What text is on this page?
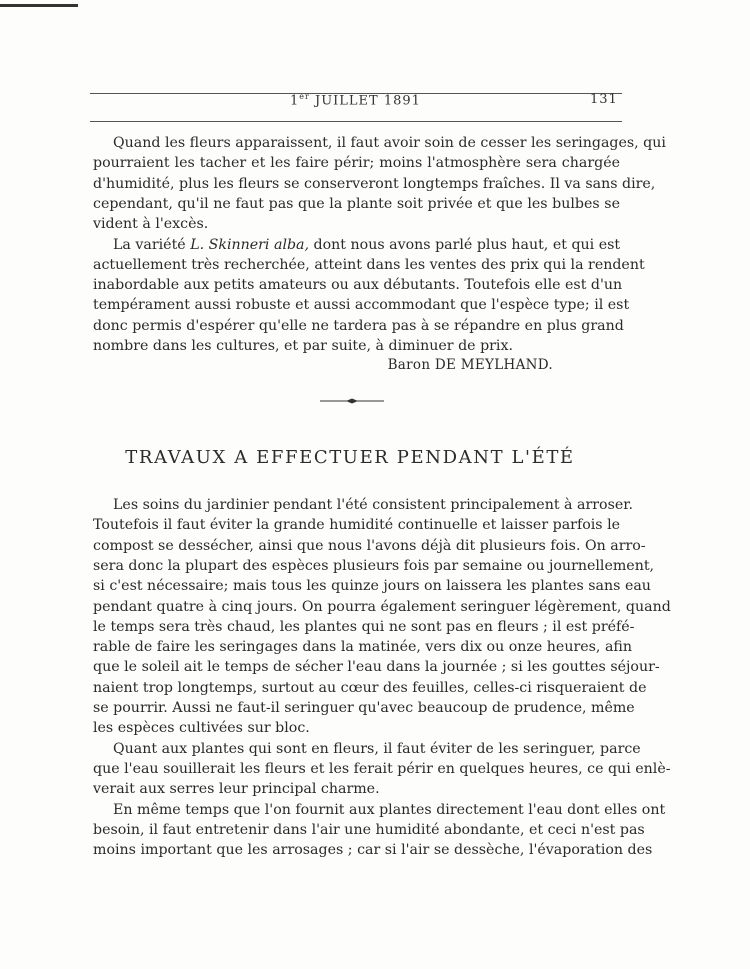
1er JUILLET 1891	131
Quand les fleurs apparaissent, il faut avoir soin de cesser les seringages, qui
pourraient les tacher et les faire périr; moins l'atmosphère sera chargée
d'humidité, plus les fleurs se conserveront longtemps fraîches. Il va sans dire,
cependant, qu'il ne faut pas que la plante soit privée et que les bulbes se
vident à l'excès.
La variété L. Skinneri alba, dont nous avons parlé plus haut, et qui est
actuellement très recherchée, atteint dans les ventes des prix qui la rendent
inabordable aux petits amateurs ou aux débutants. Toutefois elle est d'un
tempérament aussi robuste et aussi accommodant que l'espèce type; il est
donc permis d'espérer qu'elle ne tardera pas à se répandre en plus grand
nombre dans les cultures, et par suite, à diminuer de prix.
Baron DE MEYLHAND.
TRAVAUX A EFFECTUER PENDANT L'ÉTÉ
Les soins du jardinier pendant l'été consistent principalement à arroser.
Toutefois il faut éviter la grande humidité continuelle et laisser parfois le
compost se dessécher, ainsi que nous l'avons déjà dit plusieurs fois. On arro-
sera donc la plupart des espèces plusieurs fois par semaine ou journellement,
si c'est nécessaire; mais tous les quinze jours on laissera les plantes sans eau
pendant quatre à cinq jours. On pourra également seringuer légèrement, quand
le temps sera très chaud, les plantes qui ne sont pas en fleurs ; il est préfé-
rable de faire les seringages dans la matinée, vers dix ou onze heures, afin
que le soleil ait le temps de sécher l'eau dans la journée ; si les gouttes séjour-
naient trop longtemps, surtout au cœur des feuilles, celles-ci risqueraient de
se pourrir. Aussi ne faut-il seringuer qu'avec beaucoup de prudence, même
les espèces cultivées sur bloc.
Quant aux plantes qui sont en fleurs, il faut éviter de les seringuer, parce
que l'eau souillerait les fleurs et les ferait périr en quelques heures, ce qui enlè-
verait aux serres leur principal charme.
En même temps que l'on fournit aux plantes directement l'eau dont elles ont
besoin, il faut entretenir dans l'air une humidité abondante, et ceci n'est pas
moins important que les arrosages ; car si l'air se dessèche, l'évaporation des
